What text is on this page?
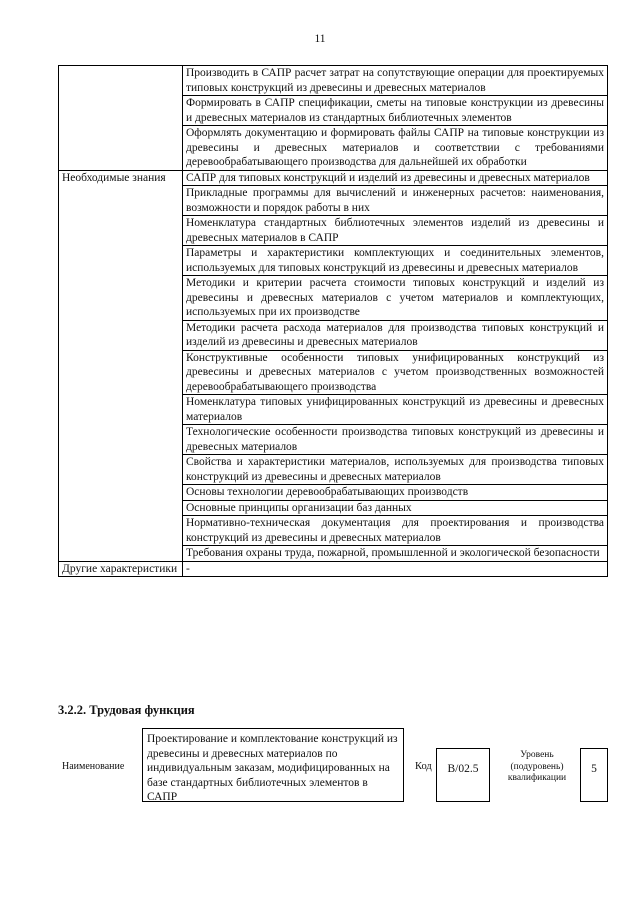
11
	Производить в САПР расчет затрат на сопутствующие операции для проектируемых типовых конструкций из древесины и древесных материалов
	Формировать в САПР спецификации, сметы на типовые конструкции из древесины и древесных материалов из стандартных библиотечных элементов
	Оформлять документацию и формировать файлы САПР на типовые конструкции из древесины и древесных материалов и соответствии с требованиями деревообрабатывающего производства для дальнейшей их обработки
Необходимые знания	САПР для типовых конструкций и изделий из древесины и древесных материалов
	Прикладные программы для вычислений и инженерных расчетов: наименования, возможности и порядок работы в них
	Номенклатура стандартных библиотечных элементов изделий из древесины и древесных материалов в САПР
	Параметры и характеристики комплектующих и соединительных элементов, используемых для типовых конструкций из древесины и древесных материалов
	Методики и критерии расчета стоимости типовых конструкций и изделий из древесины и древесных материалов с учетом материалов и комплектующих, используемых при их производстве
	Методики расчета расхода материалов для производства типовых конструкций и изделий из древесины и древесных материалов
	Конструктивные особенности типовых унифицированных конструкций из древесины и древесных материалов с учетом производственных возможностей деревообрабатывающего производства
	Номенклатура типовых унифицированных конструкций из древесины и древесных материалов
	Технологические особенности производства типовых конструкций из древесины и древесных материалов
	Свойства и характеристики материалов, используемых для производства типовых конструкций из древесины и древесных материалов
	Основы технологии деревообрабатывающих производств
	Основные принципы организации баз данных
	Нормативно-техническая документация для проектирования и производства конструкций из древесины и древесных материалов
	Требования охраны труда, пожарной, промышленной и экологической безопасности
Другие характеристики	-
3.2.2. Трудовая функция
Наименование
Проектирование и комплектование конструкций из древесины и древесных материалов по индивидуальным заказам, модифицированных на базе стандартных библиотечных элементов в САПР
Код	В/02.5
Уровень (подуровень) квалификации
5
